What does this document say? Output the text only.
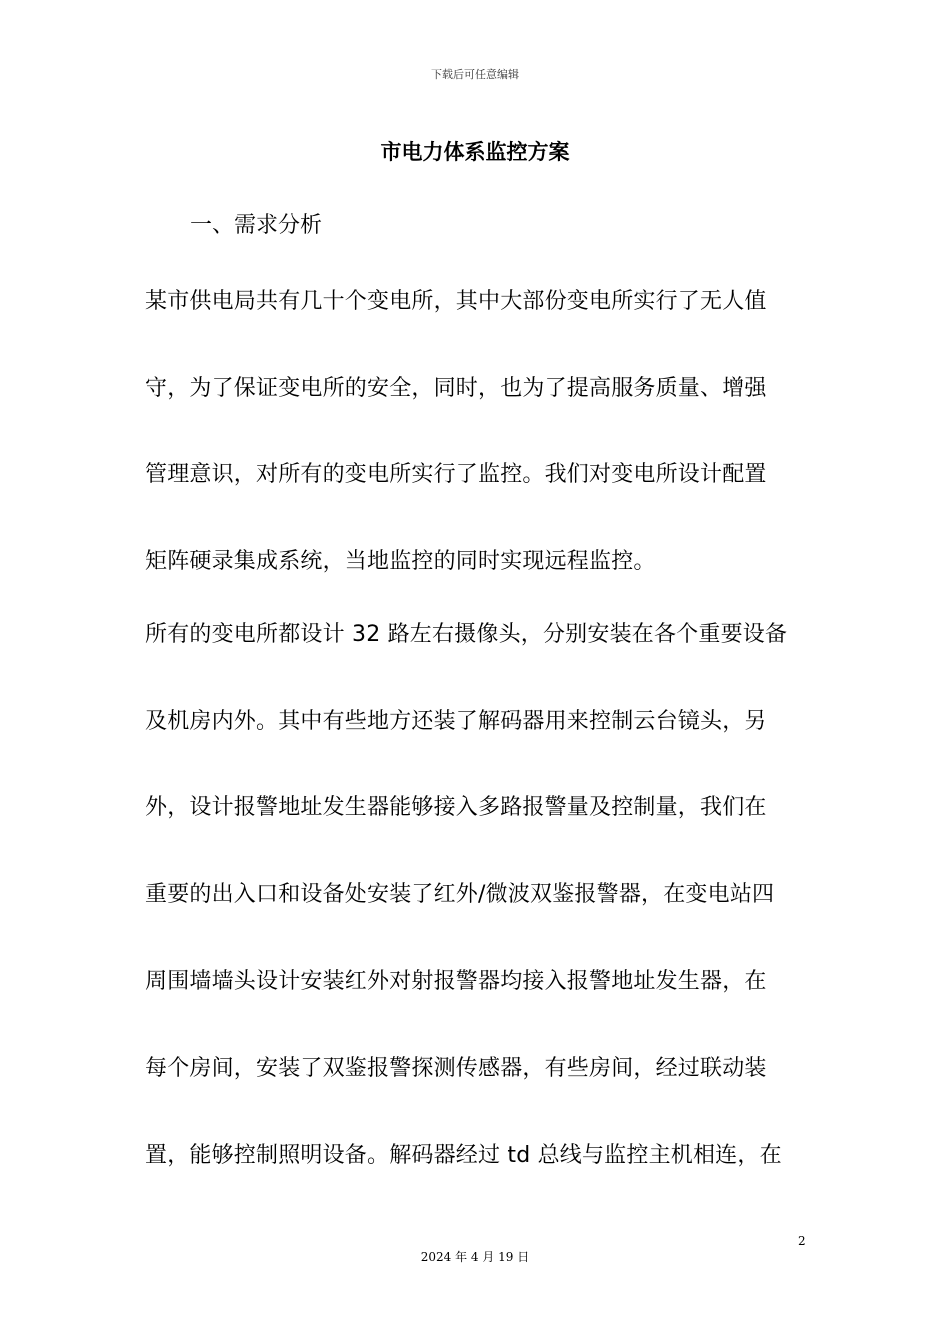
下载后可任意编辑
市电力体系监控方案
一、需求分析
某市供电局共有几十个变电所，其中大部份变电所实行了无人值
守，为了保证变电所的安全，同时，也为了提高服务质量、增强
管理意识，对所有的变电所实行了监控。我们对变电所设计配置
矩阵硬录集成系统，当地监控的同时实现远程监控。
所有的变电所都设计 32 路左右摄像头，分别安装在各个重要设备
及机房内外。其中有些地方还装了解码器用来控制云台镜头，另
外，设计报警地址发生器能够接入多路报警量及控制量，我们在
重要的出入口和设备处安装了红外/微波双鉴报警器，在变电站四
周围墙墙头设计安装红外对射报警器均接入报警地址发生器，在
每个房间，安装了双鉴报警探测传感器，有些房间，经过联动装
置，能够控制照明设备。解码器经过 td 总线与监控主机相连，在
2
2024 年 4 月 19 日
